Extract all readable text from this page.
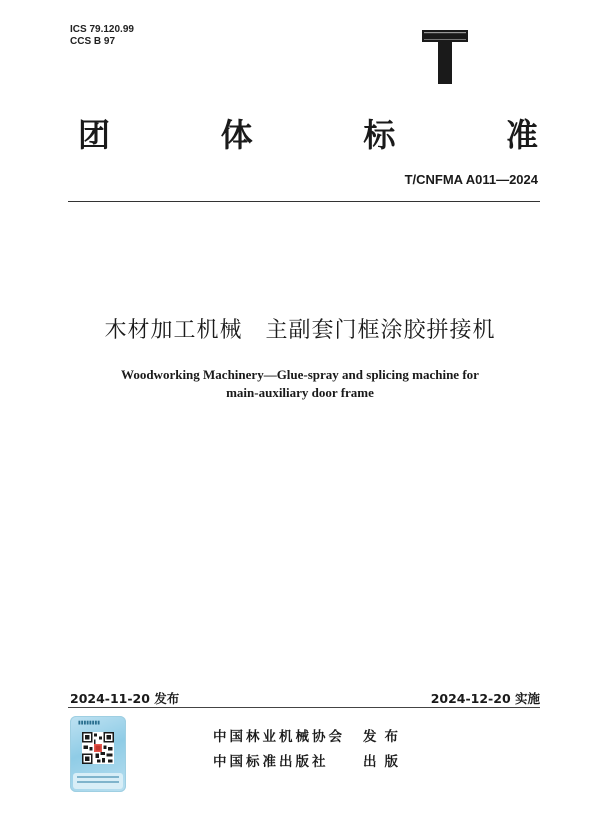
ICS 79.120.99
CCS B 97
T
团	体	标	准
T/CNFMA A011—2024
木材加工机械　主副套门框涂胶拼接机
Woodworking Machinery—Glue-spray and splicing machine for
main-auxiliary door frame
2024-11-20 发布	2024-12-20 实施
▮▮▮▮▮▮▮▮
中国林业机械协会	发布
中国标准出版社	出版
